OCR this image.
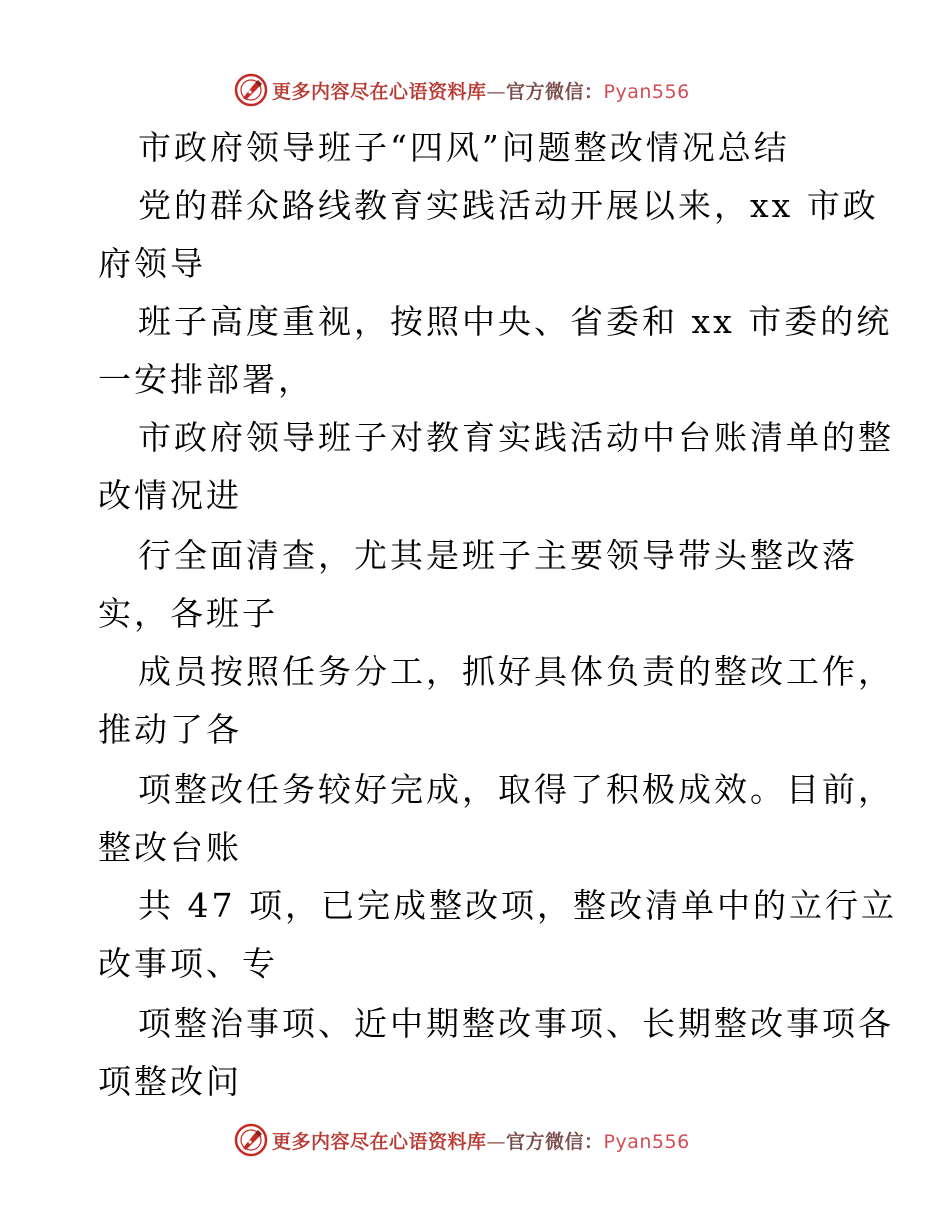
更多内容尽在心语资料库—官方微信：Pyan556
市政府领导班子“四风”问题整改情况总结
党的群众路线教育实践活动开展以来，xx 市政
府领导
班子高度重视，按照中央、省委和 xx 市委的统
一安排部署，
市政府领导班子对教育实践活动中台账清单的整
改情况进
行全面清查，尤其是班子主要领导带头整改落
实，各班子
成员按照任务分工，抓好具体负责的整改工作，
推动了各
项整改任务较好完成，取得了积极成效。目前，
整改台账
共 47 项，已完成整改项，整改清单中的立行立
改事项、专
项整治事项、近中期整改事项、长期整改事项各
项整改问
更多内容尽在心语资料库—官方微信：Pyan556
